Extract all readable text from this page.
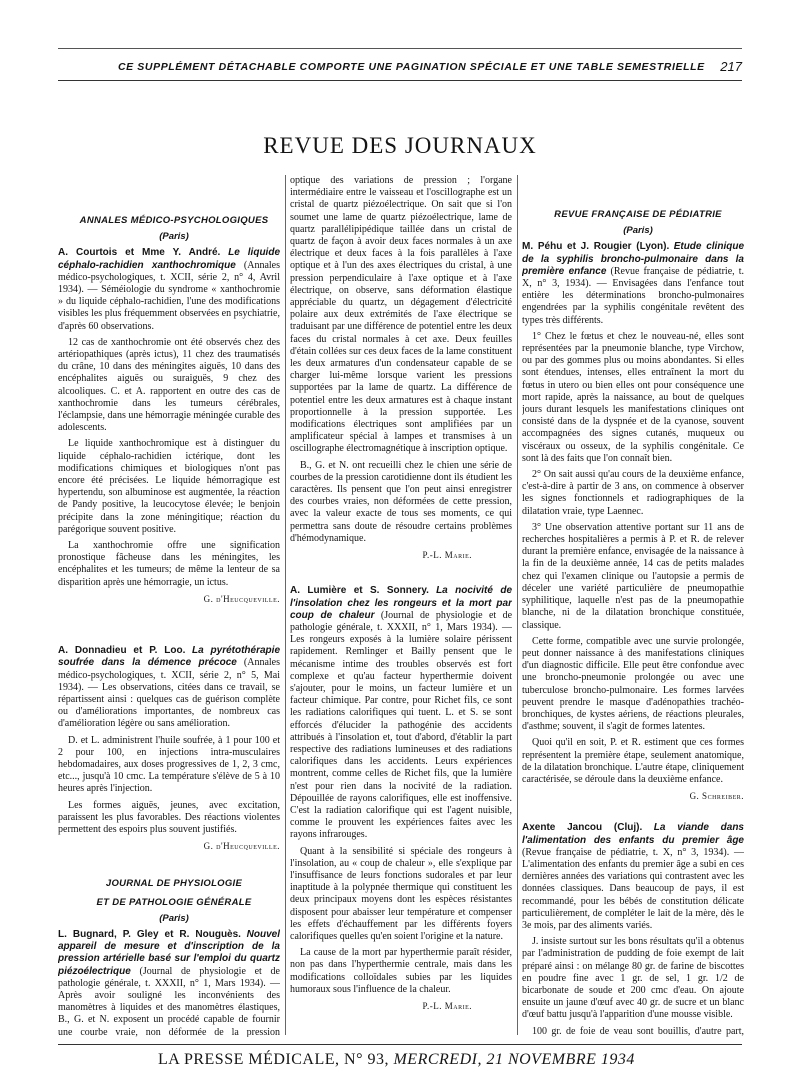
CE SUPPLÉMENT DÉTACHABLE COMPORTE UNE PAGINATION SPÉCIALE ET UNE TABLE SEMESTRIELLE 217
REVUE DES JOURNAUX

ANNALES MÉDICO-PSYCHOLOGIQUES

(Paris)

A. Courtois et Mme Y. André. Le liquide céphalo-rachidien xanthochromique (Annales médico-psychologiques, t. XCII, série 2, n° 4, Avril 1934). — Séméiologie du syndrome « xanthochromie » du liquide céphalo-rachidien, l'une des modifications visibles les plus fréquemment observées en psychiatrie, d'après 60 observations.

12 cas de xanthochromie ont été observés chez des artériopathiques (après ictus), 11 chez des traumatisés du crâne, 10 dans des méningites aiguës, 10 dans des encéphalites aiguës ou suraiguës, 9 chez des alcooliques. C. et A. rapportent en outre des cas de xanthochromie dans les tumeurs cérébrales, l'éclampsie, dans une hémorragie méningée curable des adolescents.

Le liquide xanthochromique est à distinguer du liquide céphalo-rachidien ictérique, dont les modifications chimiques et biologiques n'ont pas encore été précisées. Le liquide hémorragique est hypertendu, son albuminose est augmentée, la réaction de Pandy positive, la leucocytose élevée; le benjoin précipite dans la zone méningitique; réaction du parégorique souvent positive.

La xanthochromie offre une signification pronostique fâcheuse dans les méningites, les encéphalites et les tumeurs; de même la lenteur de sa disparition après une hémorragie, un ictus.

G. d'Heucqueville.

A. Donnadieu et P. Loo. La pyrétothérapie soufrée dans la démence précoce (Annales médico-psychologiques, t. XCII, série 2, n° 5, Mai 1934). — Les observations, citées dans ce travail, se répartissent ainsi : quelques cas de guérison complète ou d'améliorations importantes, de nombreux cas d'amélioration légère ou sans amélioration.

D. et L. administrent l'huile soufrée, à 1 pour 100 et 2 pour 100, en injections intra-musculaires hebdomadaires, aux doses progressives de 1, 2, 3 cmc, etc..., jusqu'à 10 cmc. La température s'élève de 5 à 10 heures après l'injection.

Les formes aiguës, jeunes, avec excitation, paraissent les plus favorables. Des réactions violentes permettent des espoirs plus souvent justifiés.

G. d'Heucqueville.

JOURNAL DE PHYSIOLOGIE

ET DE PATHOLOGIE GÉNÉRALE

(Paris)

L. Bugnard, P. Gley et R. Nouguès. Nouvel appareil de mesure et d'inscription de la pression artérielle basé sur l'emploi du quartz piézoélectrique (Journal de physiologie et de pathologie générale, t. XXXII, n° 1, Mars 1934). — Après avoir souligné les inconvénients des manomètres à liquides et des manomètres élastiques, B., G. et N. exposent un procédé capable de fournir une courbe vraie, non déformée de la pression

optique des variations de pression ; l'organe intermédiaire entre le vaisseau et l'oscillographe est un cristal de quartz piézoélectrique. On sait que si l'on soumet une lame de quartz piézoélectrique, lame de quartz parallélipipédique taillée dans un cristal de quartz de façon à avoir deux faces normales à un axe électrique et deux faces à la fois parallèles à l'axe optique et à l'un des axes électriques du cristal, à une pression perpendiculaire à l'axe optique et à l'axe électrique, on observe, sans déformation élastique appréciable du quartz, un dégagement d'électricité polaire aux deux extrémités de l'axe électrique se traduisant par une différence de potentiel entre les deux faces du cristal normales à cet axe. Deux feuilles d'étain collées sur ces deux faces de la lame constituent les deux armatures d'un condensateur capable de se charger lui-même lorsque varient les pressions supportées par la lame de quartz. La différence de potentiel entre les deux armatures est à chaque instant proportionnelle à la pression supportée. Les modifications électriques sont amplifiées par un amplificateur spécial à lampes et transmises à un oscillographe électromagnétique à inscription optique.

B., G. et N. ont recueilli chez le chien une série de courbes de la pression carotidienne dont ils étudient les caractères. Ils pensent que l'on peut ainsi enregistrer des courbes vraies, non déformées de cette pression, avec la valeur exacte de tous ses moments, ce qui permettra sans doute de résoudre certains problèmes d'hémodynamique.

P.-L. Marie.

A. Lumière et S. Sonnery. La nocivité de l'insolation chez les rongeurs et la mort par coup de chaleur (Journal de physiologie et de pathologie générale, t. XXXII, n° 1, Mars 1934). — Les rongeurs exposés à la lumière solaire périssent rapidement. Remlinger et Bailly pensent que le mécanisme intime des troubles observés est fort complexe et qu'au facteur hyperthermie doivent s'ajouter, pour le moins, un facteur lumière et un facteur chimique. Par contre, pour Richet fils, ce sont les radiations calorifiques qui tuent. L. et S. se sont efforcés d'élucider la pathogénie des accidents attribués à l'insolation et, tout d'abord, d'établir la part respective des radiations lumineuses et des radiations calorifiques dans les accidents. Leurs expériences montrent, comme celles de Richet fils, que la lumière n'est pour rien dans la nocivité de la radiation. Dépouillée de rayons calorifiques, elle est inoffensive. C'est la radiation calorifique qui est l'agent nuisible, comme le prouvent les expériences faites avec les rayons infrarouges.

Quant à la sensibilité si spéciale des rongeurs à l'insolation, au « coup de chaleur », elle s'explique par l'insuffisance de leurs fonctions sudorales et par leur inaptitude à la polypnée thermique qui constituent les deux principaux moyens dont les espèces résistantes disposent pour abaisser leur température et compenser les effets d'échauffement par les différents foyers calorifiques quelles qu'en soient l'origine et la nature.

La cause de la mort par hyperthermie paraît résider, non pas dans l'hyperthermie centrale, mais dans les modifications colloïdales subies par les liquides humoraux sous l'influence de la chaleur.

P.-L. Marie.

REVUE FRANÇAISE DE PÉDIATRIE

(Paris)

M. Péhu et J. Rougier (Lyon). Etude clinique de la syphilis broncho-pulmonaire dans la première enfance (Revue française de pédiatrie, t. X, n° 3, 1934). — Envisagées dans l'enfance tout entière les déterminations broncho-pulmonaires engendrées par la syphilis congénitale revêtent des types très différents.

1° Chez le fœtus et chez le nouveau-né, elles sont représentées par la pneumonie blanche, type Virchow, ou par des gommes plus ou moins abondantes. Si elles sont étendues, intenses, elles entraînent la mort du fœtus in utero ou bien elles ont pour conséquence une mort rapide, après la naissance, au bout de quelques jours durant lesquels les manifestations cliniques ont consisté dans de la dyspnée et de la cyanose, souvent accompagnées des signes cutanés, muqueux ou viscéraux ou osseux, de la syphilis congénitale. Ce sont là des faits que l'on connaît bien.

2° On sait aussi qu'au cours de la deuxième enfance, c'est-à-dire à partir de 3 ans, on commence à observer les signes fonctionnels et radiographiques de la dilatation vraie, type Laennec.

3° Une observation attentive portant sur 11 ans de recherches hospitalières a permis à P. et R. de relever durant la première enfance, envisagée de la naissance à la fin de la deuxième année, 14 cas de petits malades chez qui l'examen clinique ou l'autopsie a permis de déceler une variété particulière de pneumopathie syphilitique, laquelle n'est pas de la pneumopathie blanche, ni de la dilatation bronchique constituée, classique.

Cette forme, compatible avec une survie prolongée, peut donner naissance à des manifestations cliniques d'un diagnostic difficile. Elle peut être confondue avec une broncho-pneumonie prolongée ou avec une tuberculose broncho-pulmonaire. Les formes larvées peuvent prendre le masque d'adénopathies trachéo-bronchiques, de kystes aériens, de réactions pleurales, d'asthme; souvent, il s'agit de formes latentes.

Quoi qu'il en soit, P. et R. estiment que ces formes représentent la première étape, seulement anatomique, de la dilatation bronchique. L'autre étape, cliniquement caractérisée, se déroule dans la deuxième enfance.

G. Schreiber.

Axente Jancou (Cluj). La viande dans l'alimentation des enfants du premier âge (Revue française de pédiatrie, t. X, n° 3, 1934). — L'alimentation des enfants du premier âge a subi en ces dernières années des variations qui contrastent avec les données classiques. Dans beaucoup de pays, il est recommandé, pour les bébés de constitution délicate particulièrement, de compléter le lait de la mère, dès le 3e mois, par des aliments variés.

J. insiste surtout sur les bons résultats qu'il a obtenus par l'administration de pudding de foie exempt de lait préparé ainsi : on mélange 80 gr. de farine de biscottes en poudre fine avec 1 gr. de sel, 1 gr. 1/2 de bicarbonate de soude et 200 cmc d'eau. On ajoute ensuite un jaune d'œuf avec 40 gr. de sucre et un blanc d'œuf battu jusqu'à l'apparition d'une mousse visible.

100 gr. de foie de veau sont bouillis, d'autre part,

LA PRESSE MÉDICALE, N° 93, MERCREDI, 21 NOVEMBRE 1934
